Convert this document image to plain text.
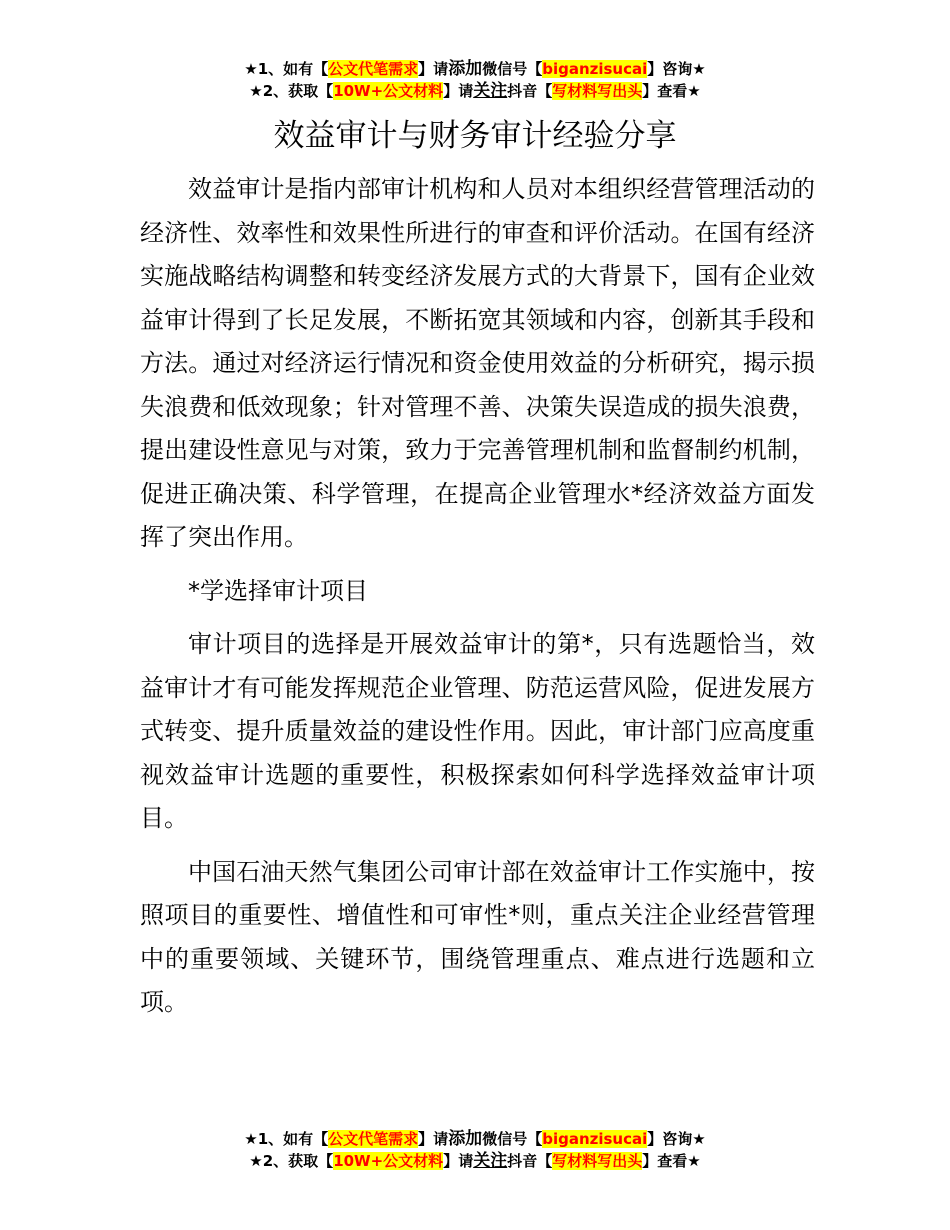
★1、如有【公文代笔需求】请添加微信号【biganzisucai】咨询★
★2、获取【10W+公文材料】请关注抖音【写材料写出头】查看★
效益审计与财务审计经验分享

效益审计是指内部审计机构和人员对本组织经营管理活动的经济性、效率性和效果性所进行的审查和评价活动。在国有经济实施战略结构调整和转变经济发展方式的大背景下，国有企业效益审计得到了长足发展，不断拓宽其领域和内容，创新其手段和方法。通过对经济运行情况和资金使用效益的分析研究，揭示损失浪费和低效现象；针对管理不善、决策失误造成的损失浪费，提出建设性意见与对策，致力于完善管理机制和监督制约机制，促进正确决策、科学管理，在提高企业管理水*经济效益方面发挥了突出作用。

*学选择审计项目

审计项目的选择是开展效益审计的第*，只有选题恰当，效益审计才有可能发挥规范企业管理、防范运营风险，促进发展方式转变、提升质量效益的建设性作用。因此，审计部门应高度重视效益审计选题的重要性，积极探索如何科学选择效益审计项目。

中国石油天然气集团公司审计部在效益审计工作实施中，按照项目的重要性、增值性和可审性*则，重点关注企业经营管理中的重要领域、关键环节，围绕管理重点、难点进行选题和立项。

★1、如有【公文代笔需求】请添加微信号【biganzisucai】咨询★
★2、获取【10W+公文材料】请关注抖音【写材料写出头】查看★
